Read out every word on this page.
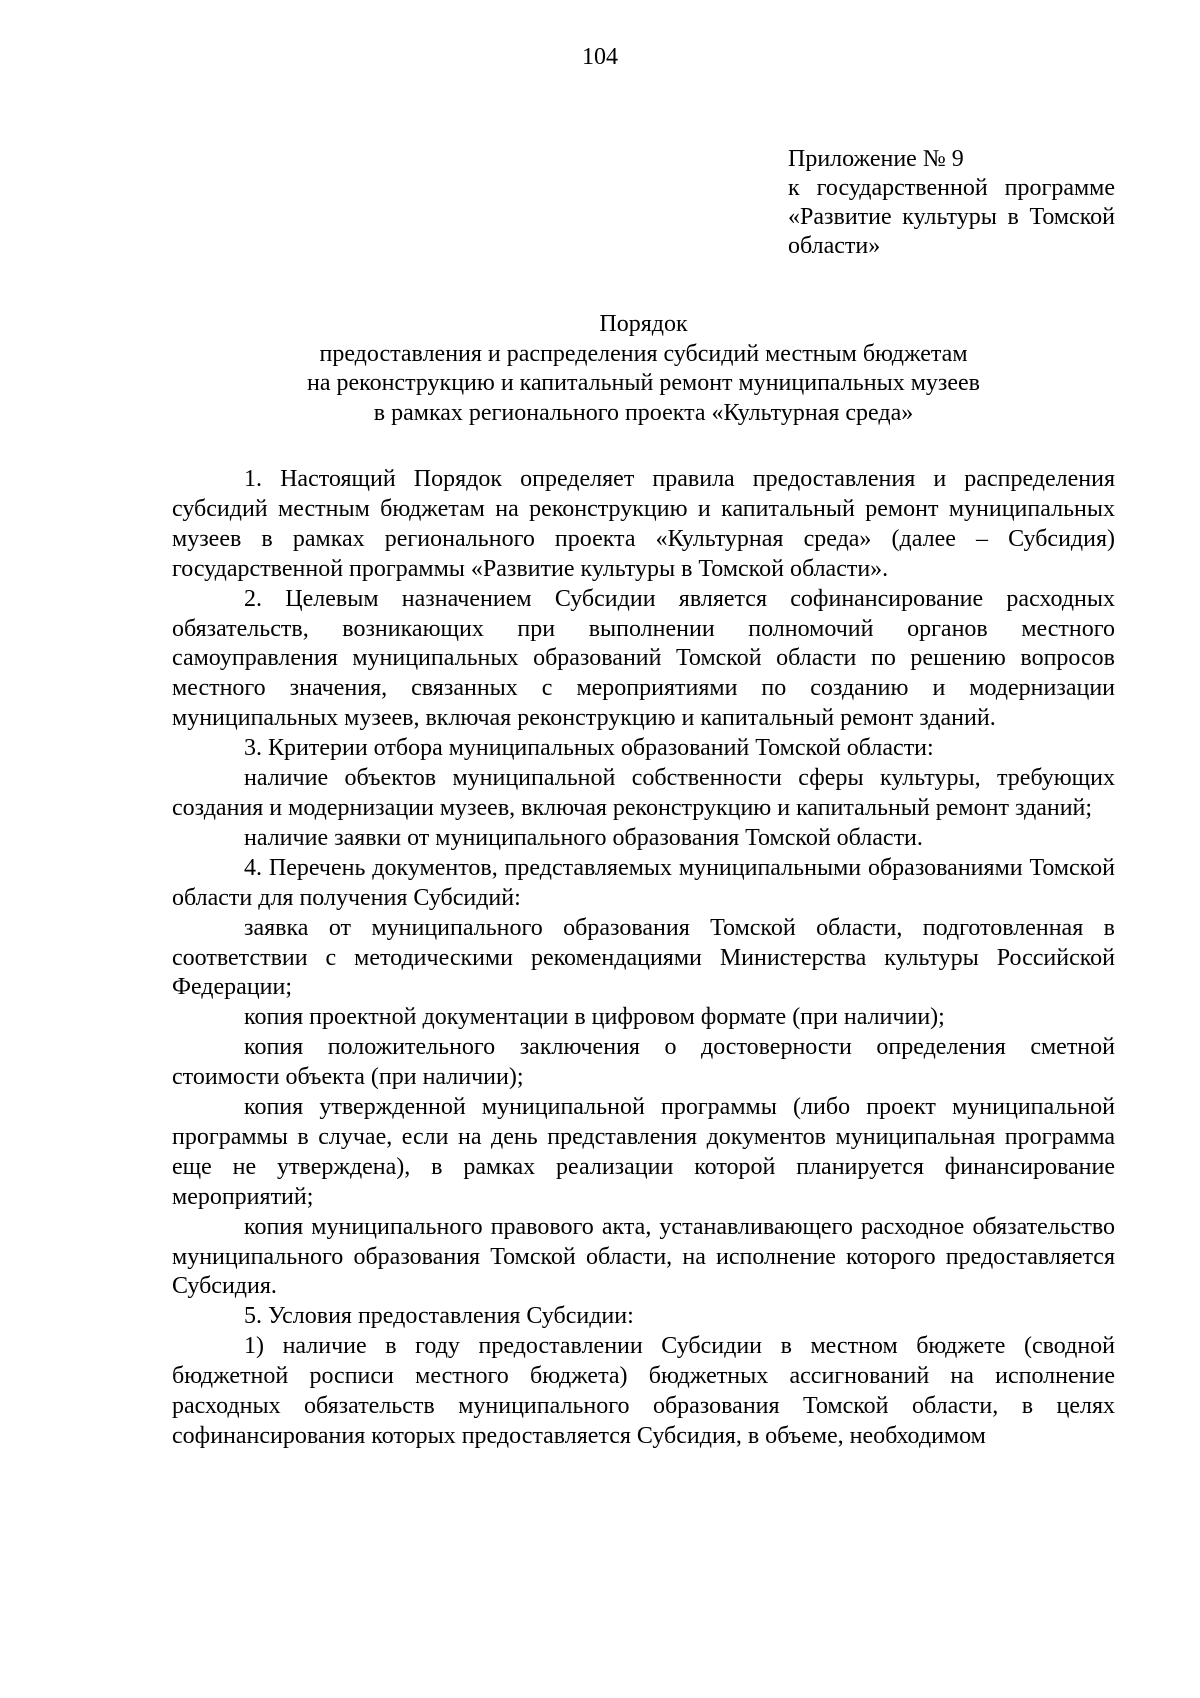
104
Приложение № 9
к государственной программе
«Развитие культуры в Томской
области»
Порядок
предоставления и распределения субсидий местным бюджетам
на реконструкцию и капитальный ремонт муниципальных музеев
в рамках регионального проекта «Культурная среда»

1. Настоящий Порядок определяет правила предоставления и распределения субсидий местным бюджетам на реконструкцию и капитальный ремонт муниципальных музеев в рамках регионального проекта «Культурная среда» (далее – Субсидия) государственной программы «Развитие культуры в Томской области».

2. Целевым назначением Субсидии является софинансирование расходных обязательств, возникающих при выполнении полномочий органов местного самоуправления муниципальных образований Томской области по решению вопросов местного значения, связанных с мероприятиями по созданию и модернизации муниципальных музеев, включая реконструкцию и капитальный ремонт зданий.

3. Критерии отбора муниципальных образований Томской области:

наличие объектов муниципальной собственности сферы культуры, требующих создания и модернизации музеев, включая реконструкцию и капитальный ремонт зданий;

наличие заявки от муниципального образования Томской области.

4. Перечень документов, представляемых муниципальными образованиями Томской области для получения Субсидий:

заявка от муниципального образования Томской области, подготовленная в соответствии с методическими рекомендациями Министерства культуры Российской Федерации;

копия проектной документации в цифровом формате (при наличии);

копия положительного заключения о достоверности определения сметной стоимости объекта (при наличии);

копия утвержденной муниципальной программы (либо проект муниципальной программы в случае, если на день представления документов муниципальная программа еще не утверждена), в рамках реализации которой планируется финансирование мероприятий;

копия муниципального правового акта, устанавливающего расходное обязательство муниципального образования Томской области, на исполнение которого предоставляется Субсидия.

5. Условия предоставления Субсидии:

1) наличие в году предоставлении Субсидии в местном бюджете (сводной бюджетной росписи местного бюджета) бюджетных ассигнований на исполнение расходных обязательств муниципального образования Томской области, в целях софинансирования которых предоставляется Субсидия, в объеме, необходимом
